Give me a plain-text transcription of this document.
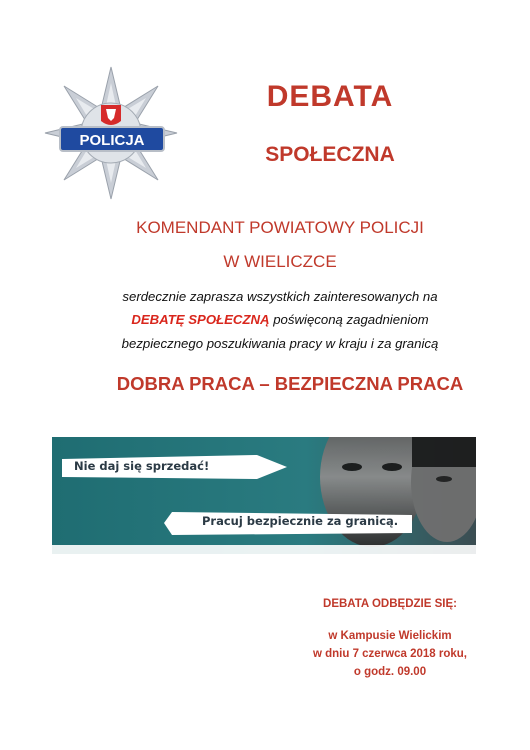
POLICJA
DEBATA
SPOŁECZNA
KOMENDANT POWIATOWY POLICJI
W WIELICZCE
serdecznie zaprasza wszystkich zainteresowanych na
DEBATĘ SPOŁECZNĄ poświęconą zagadnieniom
bezpiecznego poszukiwania pracy w kraju i za granicą
DOBRA PRACA – BEZPIECZNA PRACA
Nie daj się sprzedać!
Pracuj bezpiecznie za granicą.
DEBATA ODBĘDZIE SIĘ:
w Kampusie Wielickim
w dniu 7 czerwca 2018 roku,
o godz. 09.00
